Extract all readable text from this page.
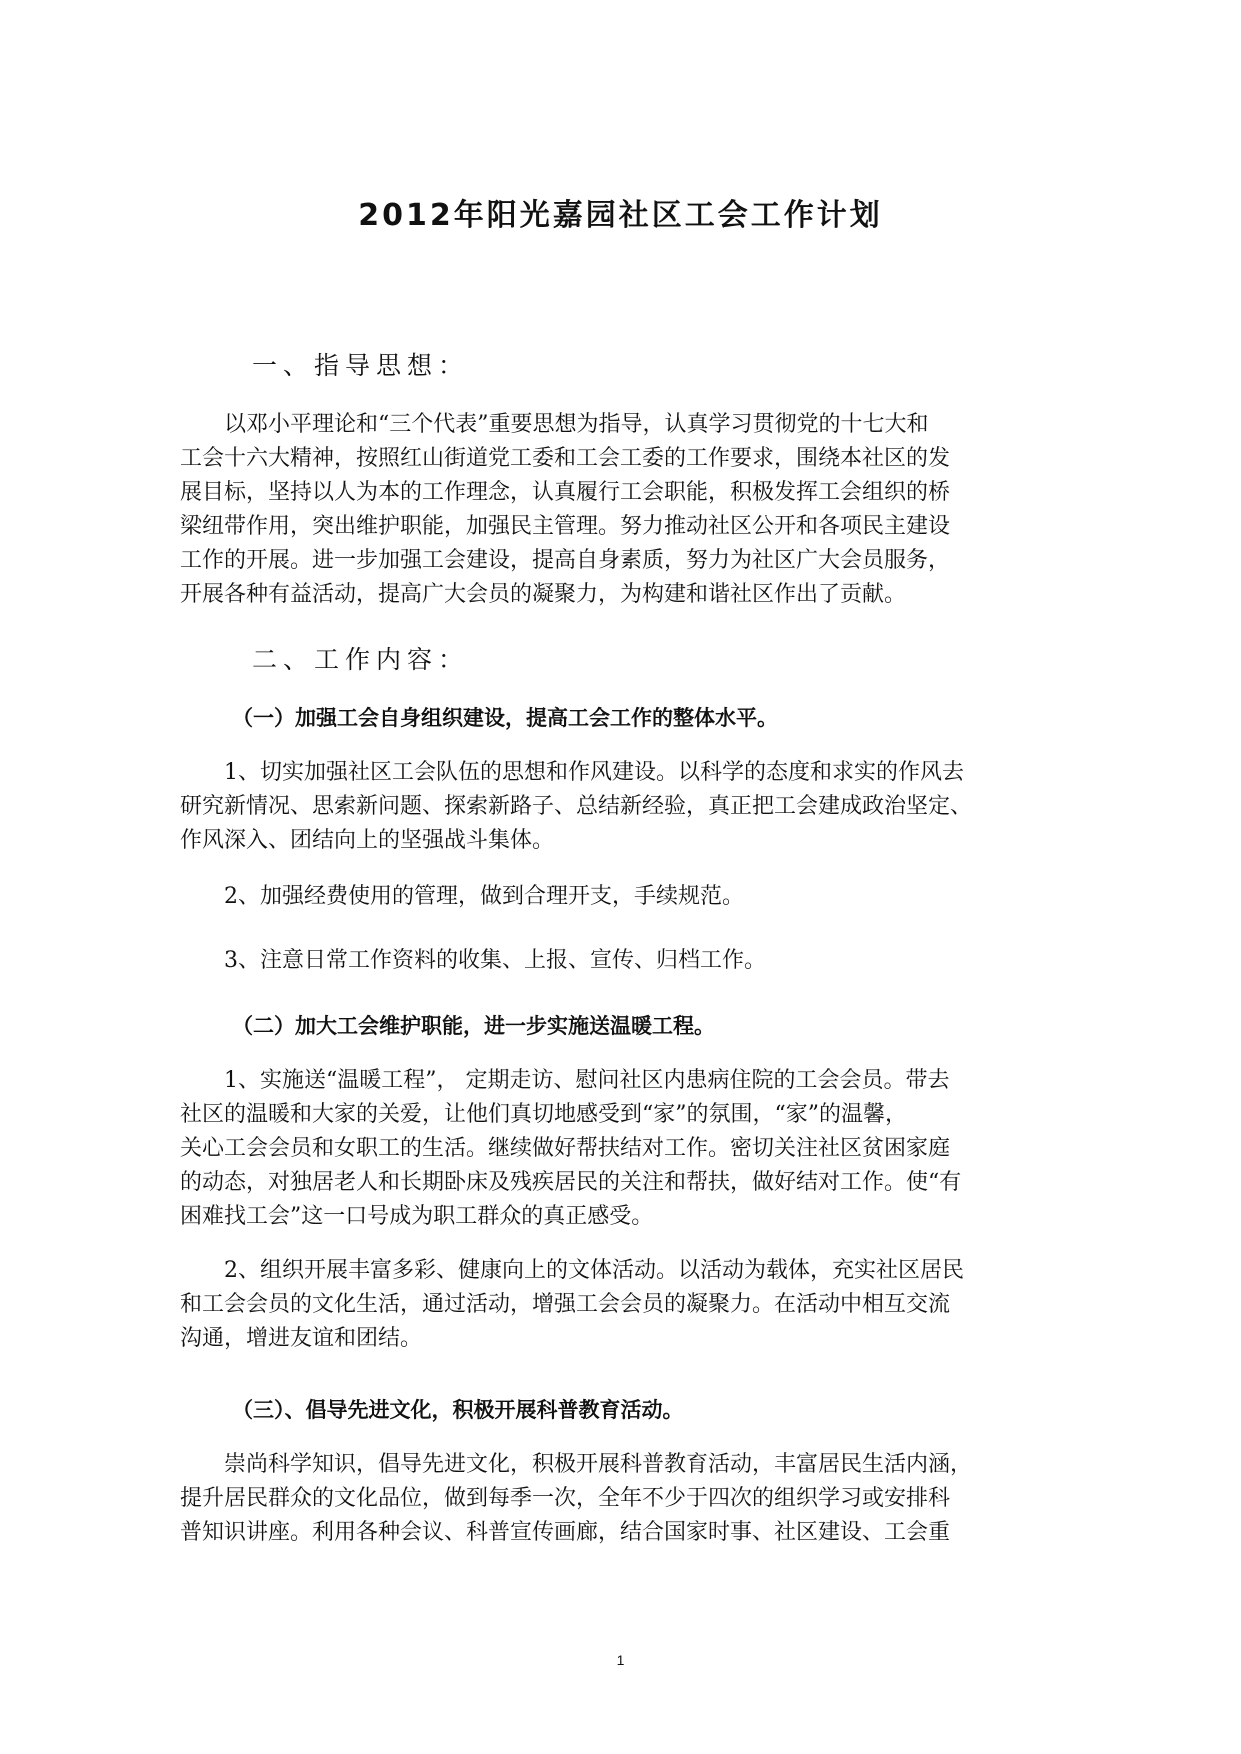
2012年阳光嘉园社区工会工作计划
一、指导思想：
以邓小平理论和“三个代表”重要思想为指导，认真学习贯彻党的十七大和
工会十六大精神，按照红山街道党工委和工会工委的工作要求，围绕本社区的发
展目标，坚持以人为本的工作理念，认真履行工会职能，积极发挥工会组织的桥
梁纽带作用，突出维护职能，加强民主管理。努力推动社区公开和各项民主建设
工作的开展。进一步加强工会建设，提高自身素质，努力为社区广大会员服务，
开展各种有益活动，提高广大会员的凝聚力，为构建和谐社区作出了贡献。
二、工作内容：
（一）加强工会自身组织建设，提高工会工作的整体水平。
1、切实加强社区工会队伍的思想和作风建设。以科学的态度和求实的作风去
研究新情况、思索新问题、探索新路子、总结新经验，真正把工会建成政治坚定、
作风深入、团结向上的坚强战斗集体。
2、加强经费使用的管理，做到合理开支，手续规范。
3、注意日常工作资料的收集、上报、宣传、归档工作。
（二）加大工会维护职能，进一步实施送温暖工程。
1、实施送“温暖工程”， 定期走访、慰问社区内患病住院的工会会员。带去
社区的温暖和大家的关爱，让他们真切地感受到“家”的氛围，“家”的温馨，
关心工会会员和女职工的生活。继续做好帮扶结对工作。密切关注社区贫困家庭
的动态，对独居老人和长期卧床及残疾居民的关注和帮扶，做好结对工作。使“有
困难找工会”这一口号成为职工群众的真正感受。
2、组织开展丰富多彩、健康向上的文体活动。以活动为载体，充实社区居民
和工会会员的文化生活，通过活动，增强工会会员的凝聚力。在活动中相互交流
沟通，增进友谊和团结。
（三）、倡导先进文化，积极开展科普教育活动。
崇尚科学知识，倡导先进文化，积极开展科普教育活动，丰富居民生活内涵，
提升居民群众的文化品位，做到每季一次，全年不少于四次的组织学习或安排科
普知识讲座。利用各种会议、科普宣传画廊，结合国家时事、社区建设、工会重
1
